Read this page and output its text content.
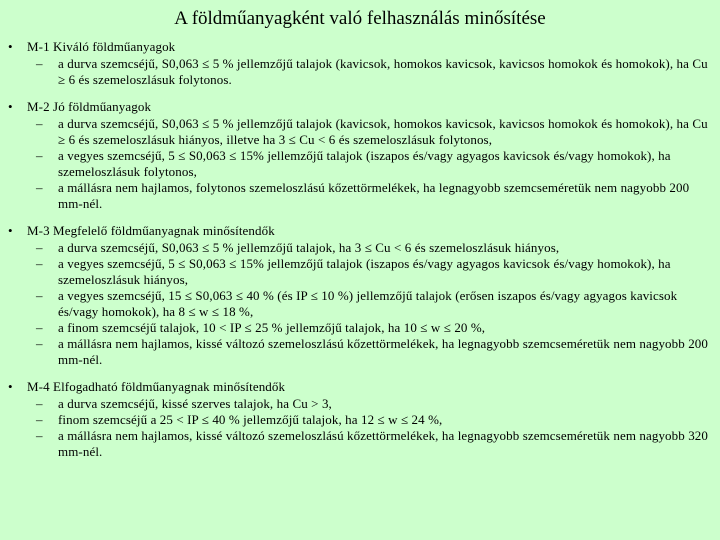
A földműanyagként való felhasználás minősítése
• M-1 Kiváló földműanyagok
– a durva szemcséjű, S0,063 ≤ 5 % jellemzőjű talajok (kavicsok, homokos kavicsok, kavicsos homokok és homokok), ha Cu ≥ 6 és szemeloszlásuk folytonos.
• M-2 Jó földműanyagok
– a durva szemcséjű, S0,063 ≤ 5 % jellemzőjű talajok (kavicsok, homokos kavicsok, kavicsos homokok és homokok), ha Cu ≥ 6 és szemeloszlásuk hiányos, illetve ha 3 ≤ Cu < 6 és szemeloszlásuk folytonos,
– a vegyes szemcséjű, 5 ≤ S0,063 ≤ 15% jellemzőjű talajok (iszapos és/vagy agyagos kavicsok és/vagy homokok), ha szemeloszlásuk folytonos,
– a mállásra nem hajlamos, folytonos szemeloszlású kőzettörmelékek, ha legnagyobb szemcseméretük nem nagyobb 200 mm-nél.
• M-3 Megfelelő földműanyagnak minősítendők
– a durva szemcséjű, S0,063 ≤ 5 % jellemzőjű talajok, ha 3 ≤ Cu < 6 és szemeloszlásuk hiányos,
– a vegyes szemcséjű, 5 ≤ S0,063 ≤ 15% jellemzőjű talajok (iszapos és/vagy agyagos kavicsok és/vagy homokok), ha szemeloszlásuk hiányos,
– a vegyes szemcséjű, 15 ≤ S0,063 ≤ 40 % (és IP ≤ 10 %) jellemzőjű talajok (erősen iszapos és/vagy agyagos kavicsok és/vagy homokok), ha 8 ≤ w ≤ 18 %,
– a finom szemcséjű talajok, 10 < IP ≤ 25 % jellemzőjű talajok, ha 10 ≤ w ≤ 20 %,
– a mállásra nem hajlamos, kissé változó szemeloszlású kőzettörmelékek, ha legnagyobb szemcseméretük nem nagyobb 200 mm-nél.
• M-4 Elfogadható földműanyagnak minősítendők
– a durva szemcséjű, kissé szerves talajok, ha Cu > 3,
– finom szemcséjű a 25 < IP ≤ 40 % jellemzőjű talajok, ha 12 ≤ w ≤ 24 %,
– a mállásra nem hajlamos, kissé változó szemeloszlású kőzettörmelékek, ha legnagyobb szemcseméretük nem nagyobb 320 mm-nél.
